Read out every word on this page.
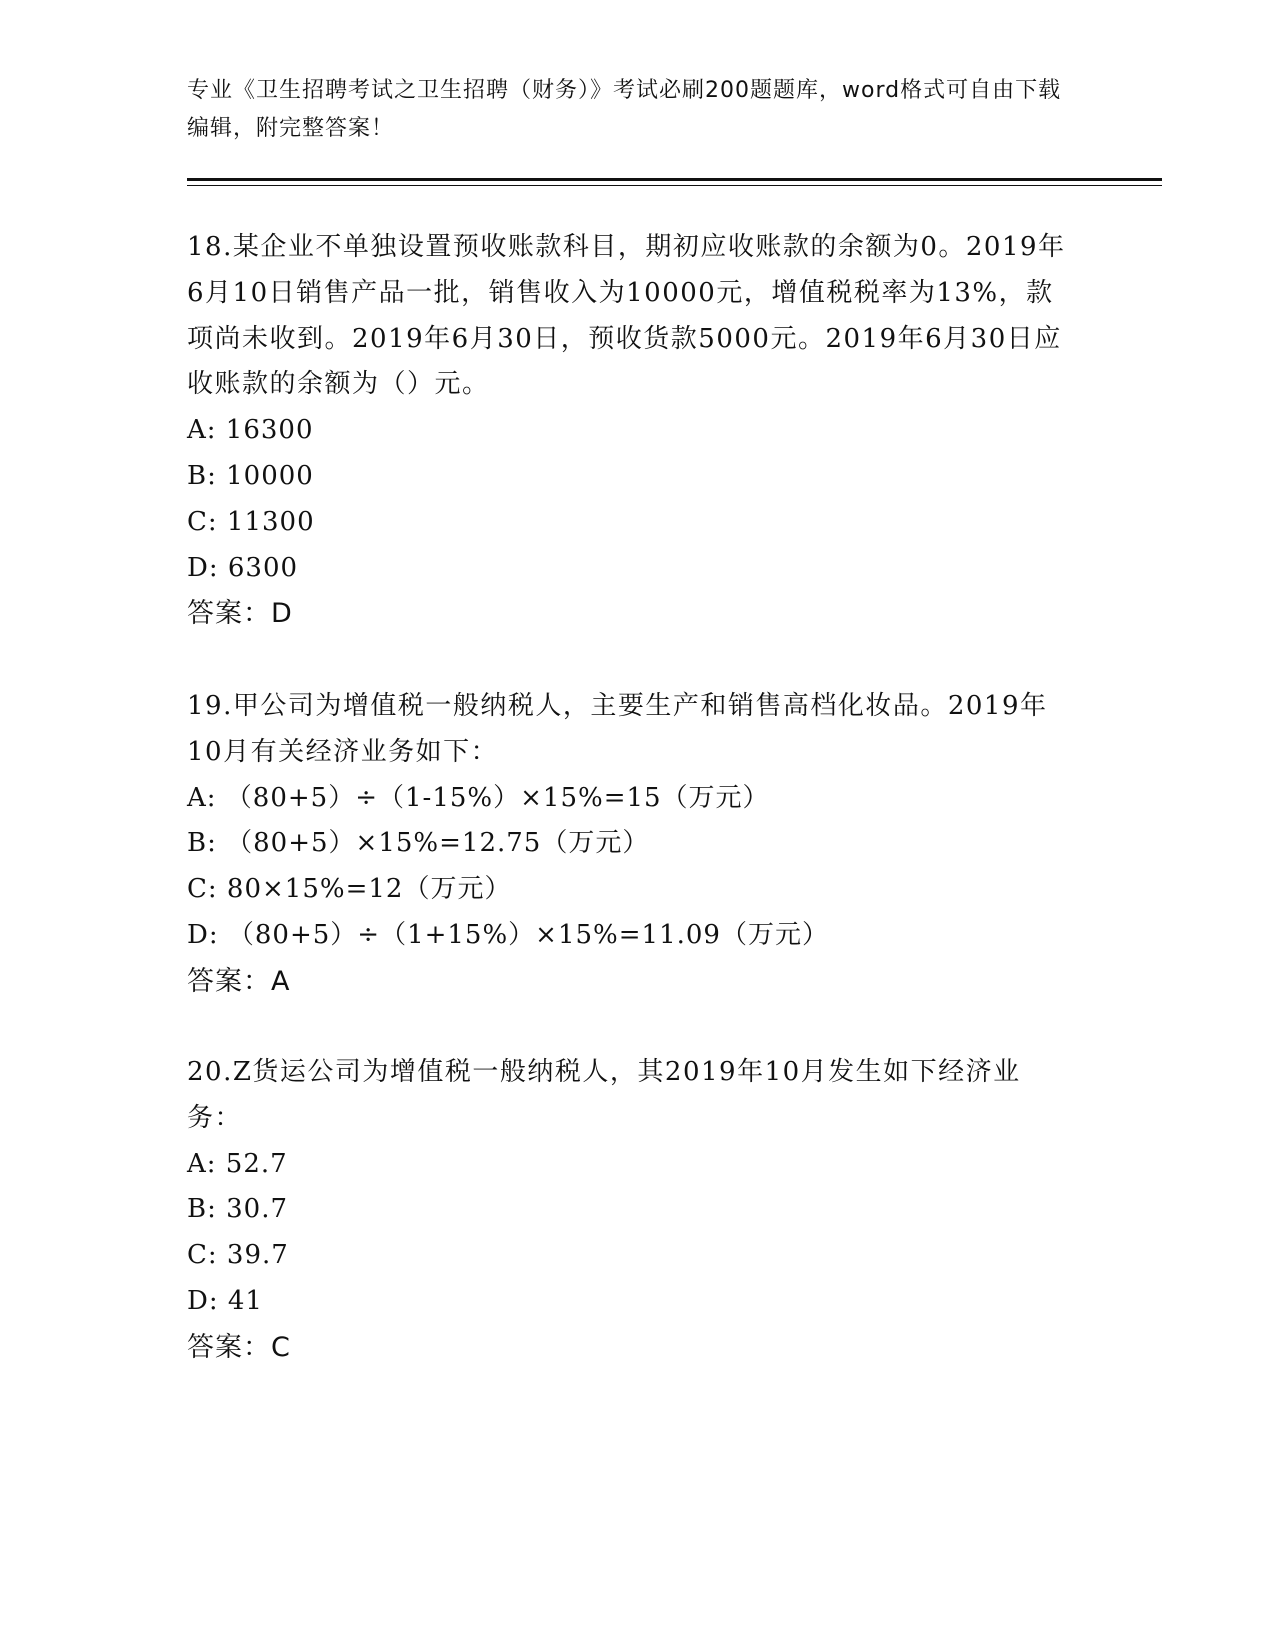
专业《卫生招聘考试之卫生招聘（财务）》考试必刷200题题库，word格式可自由下载编辑，附完整答案！

18.某企业不单独设置预收账款科目，期初应收账款的余额为0。2019年6月10日销售产品一批，销售收入为10000元，增值税税率为13%，款项尚未收到。2019年6月30日，预收货款5000元。2019年6月30日应收账款的余额为（）元。

A: 16300
B: 10000
C: 11300
D: 6300
答案：D

19.甲公司为增值税一般纳税人，主要生产和销售高档化妆品。2019年10月有关经济业务如下：

A: （80+5）÷（1-15%）×15%=15（万元）
B: （80+5）×15%=12.75（万元）
C: 80×15%=12（万元）
D: （80+5）÷（1+15%）×15%=11.09（万元）
答案：A

20.Z货运公司为增值税一般纳税人，其2019年10月发生如下经济业务：

A: 52.7
B: 30.7
C: 39.7
D: 41
答案：C
